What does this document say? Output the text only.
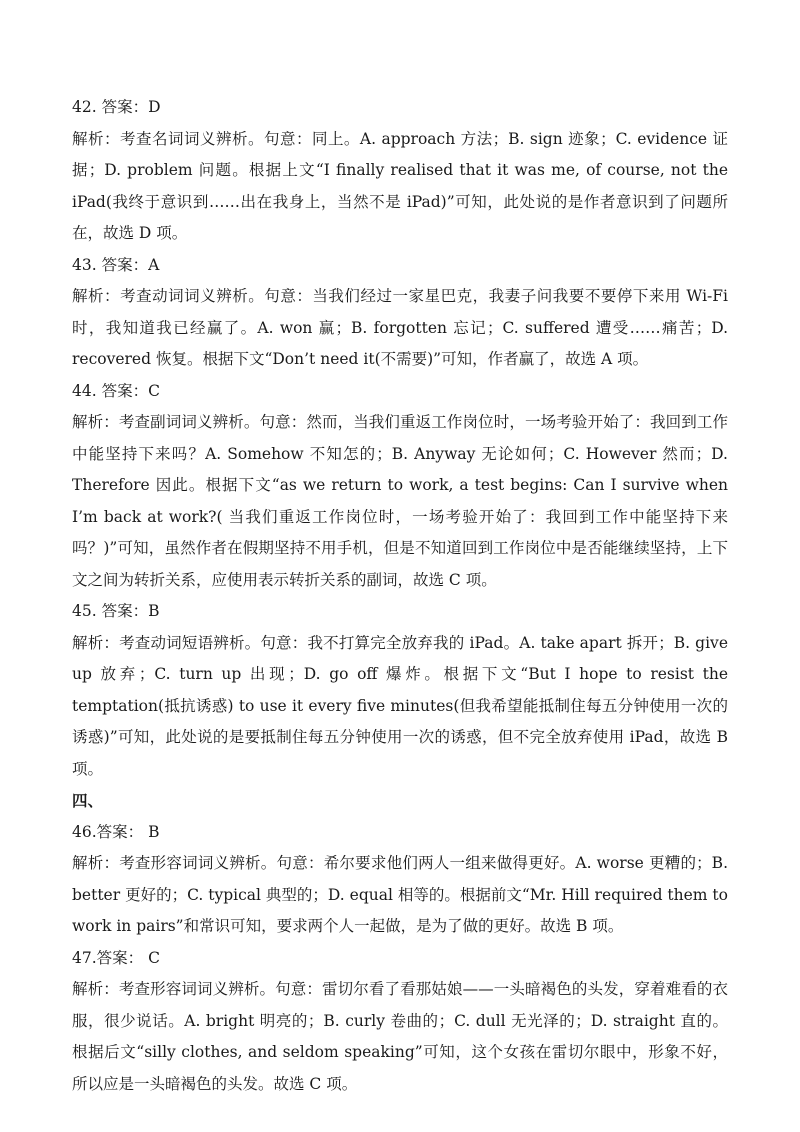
42. 答案：D

解析：考查名词词义辨析。句意：同上。A. approach 方法；B. sign 迹象；C. evidence 证据；D. problem 问题。根据上文“I finally realised that it was me, of course, not the iPad(我终于意识到……出在我身上，当然不是 iPad)”可知，此处说的是作者意识到了问题所在，故选 D 项。

43. 答案：A

解析：考查动词词义辨析。句意：当我们经过一家星巴克，我妻子问我要不要停下来用 Wi-Fi 时，我知道我已经赢了。A. won 赢；B. forgotten 忘记；C. suffered 遭受……痛苦；D. recovered 恢复。根据下文“Don’t need it(不需要)”可知，作者赢了，故选 A 项。

44. 答案：C

解析：考查副词词义辨析。句意：然而，当我们重返工作岗位时，一场考验开始了：我回到工作中能坚持下来吗？A. Somehow 不知怎的；B. Anyway 无论如何；C. However 然而；D. Therefore 因此。根据下文“as we return to work, a test begins: Can I survive when I’m back at work?( 当我们重返工作岗位时，一场考验开始了：我回到工作中能坚持下来吗？)”可知，虽然作者在假期坚持不用手机，但是不知道回到工作岗位中是否能继续坚持，上下文之间为转折关系，应使用表示转折关系的副词，故选 C 项。

45. 答案：B

解析：考查动词短语辨析。句意：我不打算完全放弃我的 iPad。A. take apart 拆开；B. give up 放弃；C. turn up 出现；D. go off 爆炸。根据下文“But I hope to resist the temptation(抵抗诱惑) to use it every five minutes(但我希望能抵制住每五分钟使用一次的诱惑)”可知，此处说的是要抵制住每五分钟使用一次的诱惑，但不完全放弃使用 iPad，故选 B 项。

四、

46.答案： B

解析：考查形容词词义辨析。句意：希尔要求他们两人一组来做得更好。A. worse 更糟的；B. better 更好的；C. typical 典型的；D. equal 相等的。根据前文“Mr. Hill required them to work in pairs”和常识可知，要求两个人一起做，是为了做的更好。故选 B 项。

47.答案： C

解析：考查形容词词义辨析。句意：雷切尔看了看那姑娘——一头暗褐色的头发，穿着难看的衣服，很少说话。A. bright 明亮的；B. curly 卷曲的；C. dull 无光泽的；D. straight 直的。根据后文“silly clothes, and seldom speaking”可知，这个女孩在雷切尔眼中，形象不好，所以应是一头暗褐色的头发。故选 C 项。
